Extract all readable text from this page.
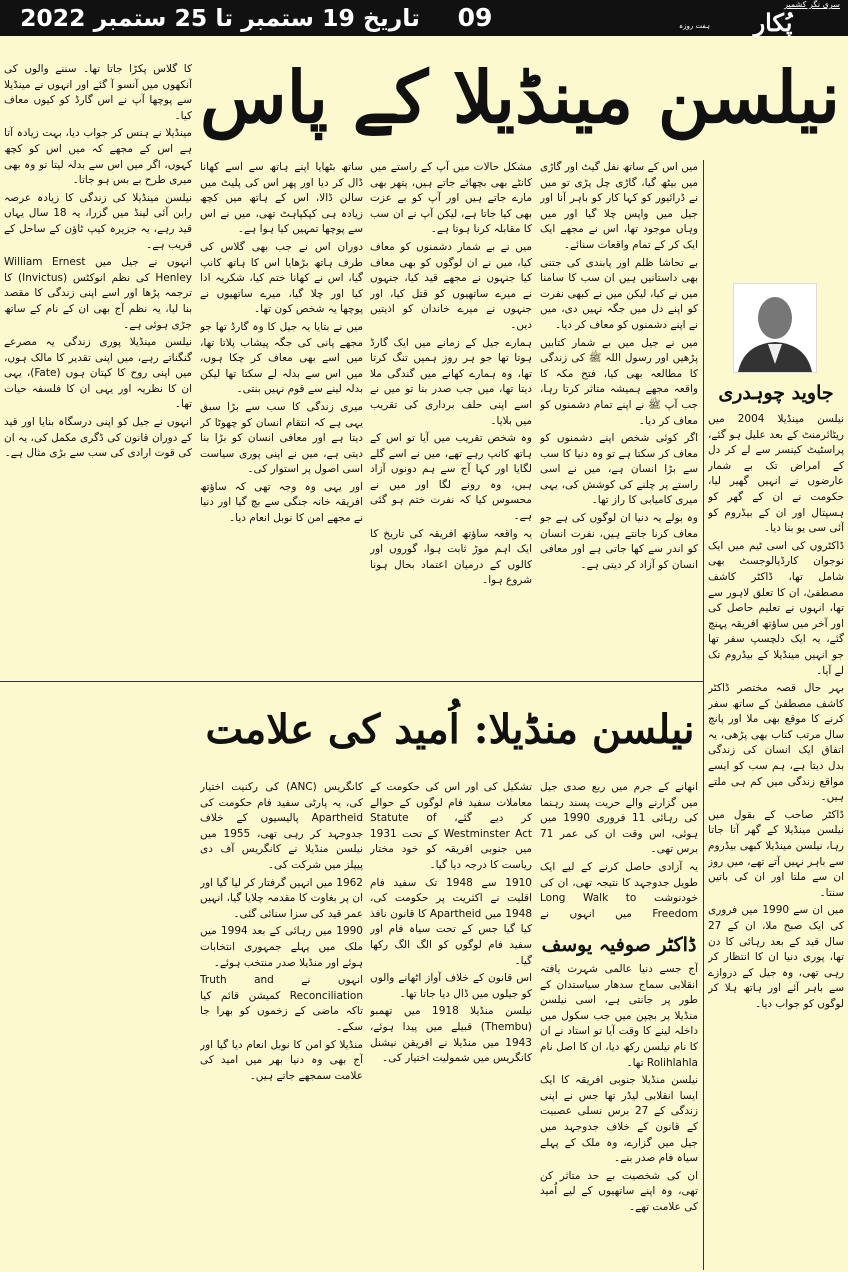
تاریخ 19 ستمبر تا 25 ستمبر 2022	09	ہفت روزہ	پُکار
سری نگر کشمیر
نیلسن مینڈیلا کے پاس
جاوید چوہدری

نیلسن مینڈیلا 2004 میں ریٹائرمنٹ کے بعد علیل ہو گئے، پراسٹیٹ کینسر سے لے کر دل کے امراض تک بے شمار عارضوں نے انہیں گھیر لیا، حکومت نے ان کے گھر کو ہسپتال اور ان کے بیڈروم کو آئی سی یو بنا دیا۔

ڈاکٹروں کی اسی ٹیم میں ایک نوجوان کارڈیالوجسٹ بھی شامل تھا، ڈاکٹر کاشف مصطفیٰ، ان کا تعلق لاہور سے تھا، انہوں نے تعلیم حاصل کی اور آخر میں ساؤتھ افریقہ پہنچ گئے، یہ ایک دلچسپ سفر تھا جو انہیں مینڈیلا کے بیڈروم تک لے آیا۔

بہر حال قصہ مختصر ڈاکٹر کاشف مصطفیٰ کے ساتھ سفر کرنے کا موقع بھی ملا اور پانچ سال مرتب کتاب بھی پڑھی، یہ اتفاق ایک انسان کی زندگی بدل دیتا ہے، ہم سب کو ایسے مواقع زندگی میں کم ہی ملتے ہیں۔

ڈاکٹر صاحب کے بقول میں نیلسن مینڈیلا کے گھر آتا جاتا رہا، نیلسن مینڈیلا کبھی بیڈروم سے باہر نہیں آتے تھے، میں روز ان سے ملتا اور ان کی باتیں سنتا۔

میں ان سے 1990 میں فروری کی ایک صبح ملا، ان کے 27 سال قید کے بعد رہائی کا دن تھا، پوری دنیا ان کا انتظار کر رہی تھی، وہ جیل کے دروازے سے باہر آئے اور ہاتھ ہلا کر لوگوں کو جواب دیا۔

میں اس کے ساتھ نفل گیٹ اور گاڑی میں بیٹھ گیا، گاڑی چل پڑی تو میں نے ڈرائیور کو کہا کار کو باہر آنا اور جیل میں واپس چلا گیا اور میں وہاں موجود تھا، اس نے مجھے ایک ایک کر کے تمام واقعات سنائے۔

بے تحاشا ظلم اور پابندی کی جتنی بھی داستانیں ہیں ان سب کا سامنا میں نے کیا، لیکن میں نے کبھی نفرت کو اپنے دل میں جگہ نہیں دی، میں نے اپنے دشمنوں کو معاف کر دیا۔

میں نے جیل میں بے شمار کتابیں پڑھیں اور رسول اللہ ﷺ کی زندگی کا مطالعہ بھی کیا، فتح مکہ کا واقعہ مجھے ہمیشہ متاثر کرتا رہا، جب آپ ﷺ نے اپنے تمام دشمنوں کو معاف کر دیا۔

اگر کوئی شخص اپنے دشمنوں کو معاف کر سکتا ہے تو وہ دنیا کا سب سے بڑا انسان ہے، میں نے اسی راستے پر چلنے کی کوشش کی، یہی میری کامیابی کا راز تھا۔

وہ بولے یہ دنیا ان لوگوں کی ہے جو معاف کرنا جانتے ہیں، نفرت انسان کو اندر سے کھا جاتی ہے اور معافی انسان کو آزاد کر دیتی ہے۔

مشکل حالات میں آپ کے راستے میں کانٹے بھی بچھائے جاتے ہیں، پتھر بھی مارے جاتے ہیں اور آپ کو بے عزت بھی کیا جاتا ہے، لیکن آپ نے ان سب کا مقابلہ کرنا ہوتا ہے۔

میں نے بے شمار دشمنوں کو معاف کیا، میں نے ان لوگوں کو بھی معاف کیا جنہوں نے مجھے قید کیا، جنہوں نے میرے ساتھیوں کو قتل کیا، اور جنہوں نے میرے خاندان کو اذیتیں دیں۔

ہمارے جیل کے زمانے میں ایک گارڈ ہوتا تھا جو ہر روز ہمیں تنگ کرتا تھا، وہ ہمارے کھانے میں گندگی ملا دیتا تھا، میں جب صدر بنا تو میں نے اسے اپنی حلف برداری کی تقریب میں بلایا۔

وہ شخص تقریب میں آیا تو اس کے ہاتھ کانپ رہے تھے، میں نے اسے گلے لگایا اور کہا آج سے ہم دونوں آزاد ہیں، وہ رونے لگا اور میں نے محسوس کیا کہ نفرت ختم ہو گئی ہے۔

یہ واقعہ ساؤتھ افریقہ کی تاریخ کا ایک اہم موڑ ثابت ہوا، گوروں اور کالوں کے درمیان اعتماد بحال ہونا شروع ہوا۔

ساتھ بٹھایا اپنے ہاتھ سے اسے کھانا ڈال کر دیا اور پھر اس کی پلیٹ میں سالن ڈالا، اس کے ہاتھ میں کچھ زیادہ ہی کپکپاہٹ تھی، میں نے اس سے پوچھا تمہیں کیا ہوا ہے۔

دوران اس نے جب بھی گلاس کی طرف ہاتھ بڑھایا اس کا ہاتھ کانپ گیا، اس نے کھانا ختم کیا، شکریہ ادا کیا اور چلا گیا، میرے ساتھیوں نے پوچھا یہ شخص کون تھا۔

میں نے بتایا یہ جیل کا وہ گارڈ تھا جو مجھے پانی کی جگہ پیشاب پلاتا تھا، میں اسے بھی معاف کر چکا ہوں، میں اس سے بدلہ لے سکتا تھا لیکن بدلہ لینے سے قوم نہیں بنتی۔

میری زندگی کا سب سے بڑا سبق یہی ہے کہ انتقام انسان کو چھوٹا کر دیتا ہے اور معافی انسان کو بڑا بنا دیتی ہے، میں نے اپنی پوری سیاست اسی اصول پر استوار کی۔

اور یہی وہ وجہ تھی کہ ساؤتھ افریقہ خانہ جنگی سے بچ گیا اور دنیا نے مجھے امن کا نوبل انعام دیا۔

کا گلاس پکڑا جاتا تھا۔ سننے والوں کی آنکھوں میں آنسو آ گئے اور انہوں نے مینڈیلا سے پوچھا آپ نے اس گارڈ کو کیوں معاف کیا۔

مینڈیلا نے ہنس کر جواب دیا، بہت زیادہ آتا ہے اس کے مجھے کہ میں اس کو کچھ کہوں، اگر میں اس سے بدلہ لیتا تو وہ بھی میری طرح بے بس ہو جاتا۔

نیلسن مینڈیلا کی زندگی کا زیادہ عرصہ رابن آئی لینڈ میں گزرا، یہ 18 سال یہاں قید رہے، یہ جزیرہ کیپ ٹاؤن کے ساحل کے قریب ہے۔

انہوں نے جیل میں William Ernest Henley کی نظم انوکٹس (Invictus) کا ترجمہ پڑھا اور اسے اپنی زندگی کا مقصد بنا لیا، یہ نظم آج بھی ان کے نام کے ساتھ جڑی ہوئی ہے۔

نیلسن مینڈیلا پوری زندگی یہ مصرعے گنگناتے رہے، میں اپنی تقدیر کا مالک ہوں، میں اپنی روح کا کپتان ہوں (Fate)، یہی ان کا نظریہ اور یہی ان کا فلسفہ حیات تھا۔

انہوں نے جیل کو اپنی درسگاہ بنایا اور قید کے دوران قانون کی ڈگری مکمل کی، یہ ان کی قوت ارادی کی سب سے بڑی مثال ہے۔

نیلسن منڈیلا: اُمید کی علامت
ڈاکٹر صوفیہ یوسف

آج جسے دنیا عالمی شہرت یافتہ انقلابی سماج سدھار سیاستدان کے طور پر جانتی ہے، اسی نیلسن منڈیلا پر بچپن میں جب سکول میں داخلہ لینے کا وقت آیا تو استاد نے ان کا نام نیلسن رکھ دیا، ان کا اصل نام Rolihlahla تھا۔

نیلسن منڈیلا جنوبی افریقہ کا ایک ایسا انقلابی لیڈر تھا جس نے اپنی زندگی کے 27 برس نسلی عصبیت کے قانون کے خلاف جدوجہد میں جیل میں گزارے، وہ ملک کے پہلے سیاہ فام صدر بنے۔

ان کی شخصیت بے حد متاثر کن تھی، وہ اپنے ساتھیوں کے لیے اُمید کی علامت تھے۔

انھانے کے جرم میں ربع صدی جیل میں گزارنے والے حریت پسند رہنما کی رہائی 11 فروری 1990 میں ہوئی، اس وقت ان کی عمر 71 برس تھی۔

یہ آزادی حاصل کرنے کے لیے ایک طویل جدوجہد کا نتیجہ تھی، ان کی خودنوشت Long Walk to Freedom میں انہوں نے

تشکیل کی اور اس کی حکومت کے معاملات سفید فام لوگوں کے حوالے کر دیے گئے، Statute of Westminster Act کے تحت 1931 میں جنوبی افریقہ کو خود مختار ریاست کا درجہ دیا گیا۔

1910 سے 1948 تک سفید فام اقلیت نے اکثریت پر حکومت کی، 1948 میں Apartheid کا قانون نافذ کیا گیا جس کے تحت سیاہ فام اور سفید فام لوگوں کو الگ الگ رکھا گیا۔

اس قانون کے خلاف آواز اٹھانے والوں کو جیلوں میں ڈال دیا جاتا تھا۔

نیلسن منڈیلا 1918 میں تھمبو (Thembu) قبیلے میں پیدا ہوئے، 1943 میں منڈیلا نے افریقن نیشنل کانگریس میں شمولیت اختیار کی۔

کانگریس (ANC) کی رکنیت اختیار کی، یہ پارٹی سفید فام حکومت کی Apartheid پالیسیوں کے خلاف جدوجہد کر رہی تھی، 1955 میں نیلسن منڈیلا نے کانگریس آف دی پیپلز میں شرکت کی۔

1962 میں انہیں گرفتار کر لیا گیا اور ان پر بغاوت کا مقدمہ چلایا گیا، انہیں عمر قید کی سزا سنائی گئی۔

1990 میں رہائی کے بعد 1994 میں ملک میں پہلے جمہوری انتخابات ہوئے اور منڈیلا صدر منتخب ہوئے۔

انہوں نے Truth and Reconciliation کمیشن قائم کیا تاکہ ماضی کے زخموں کو بھرا جا سکے۔

منڈیلا کو امن کا نوبل انعام دیا گیا اور آج بھی وہ دنیا بھر میں امید کی علامت سمجھے جاتے ہیں۔
